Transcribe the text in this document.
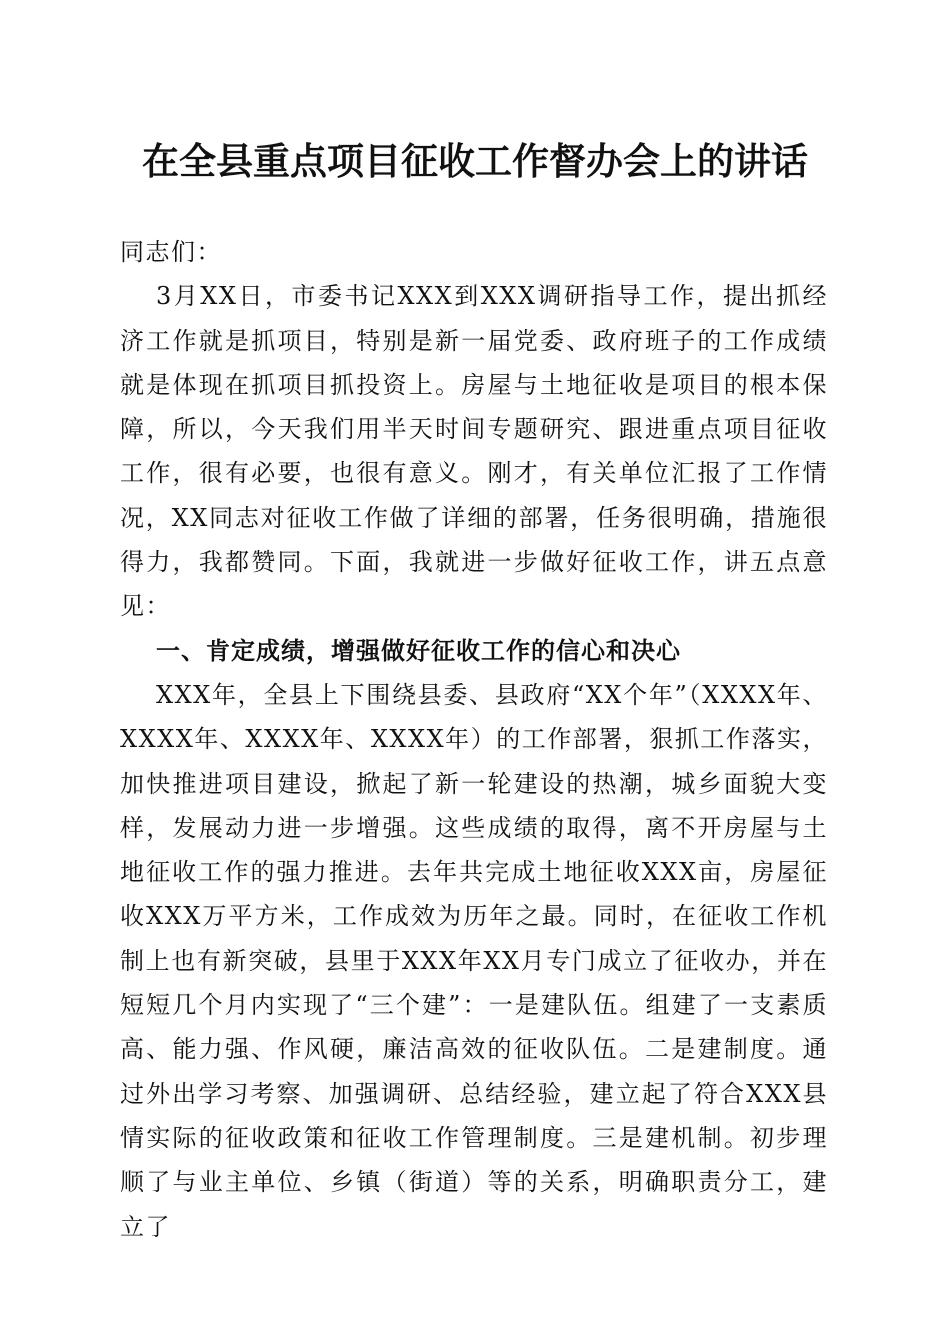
在全县重点项目征收工作督办会上的讲话

同志们：

3月XX日，市委书记XXX到XXX调研指导工作，提出抓经济工作就是抓项目，特别是新一届党委、政府班子的工作成绩就是体现在抓项目抓投资上。房屋与土地征收是项目的根本保障，所以，今天我们用半天时间专题研究、跟进重点项目征收工作，很有必要，也很有意义。刚才，有关单位汇报了工作情况，XX同志对征收工作做了详细的部署，任务很明确，措施很得力，我都赞同。下面，我就进一步做好征收工作，讲五点意见：

一、肯定成绩，增强做好征收工作的信心和决心

XXX年，全县上下围绕县委、县政府“XX个年”（XXXX年、XXXX年、XXXX年、XXXX年）的工作部署，狠抓工作落实，加快推进项目建设，掀起了新一轮建设的热潮，城乡面貌大变样，发展动力进一步增强。这些成绩的取得，离不开房屋与土地征收工作的强力推进。去年共完成土地征收XXX亩，房屋征收XXX万平方米，工作成效为历年之最。同时，在征收工作机制上也有新突破，县里于XXX年XX月专门成立了征收办，并在短短几个月内实现了“三个建”：一是建队伍。组建了一支素质高、能力强、作风硬，廉洁高效的征收队伍。二是建制度。通过外出学习考察、加强调研、总结经验，建立起了符合XXX县情实际的征收政策和征收工作管理制度。三是建机制。初步理顺了与业主单位、乡镇（街道）等的关系，明确职责分工，建立了
